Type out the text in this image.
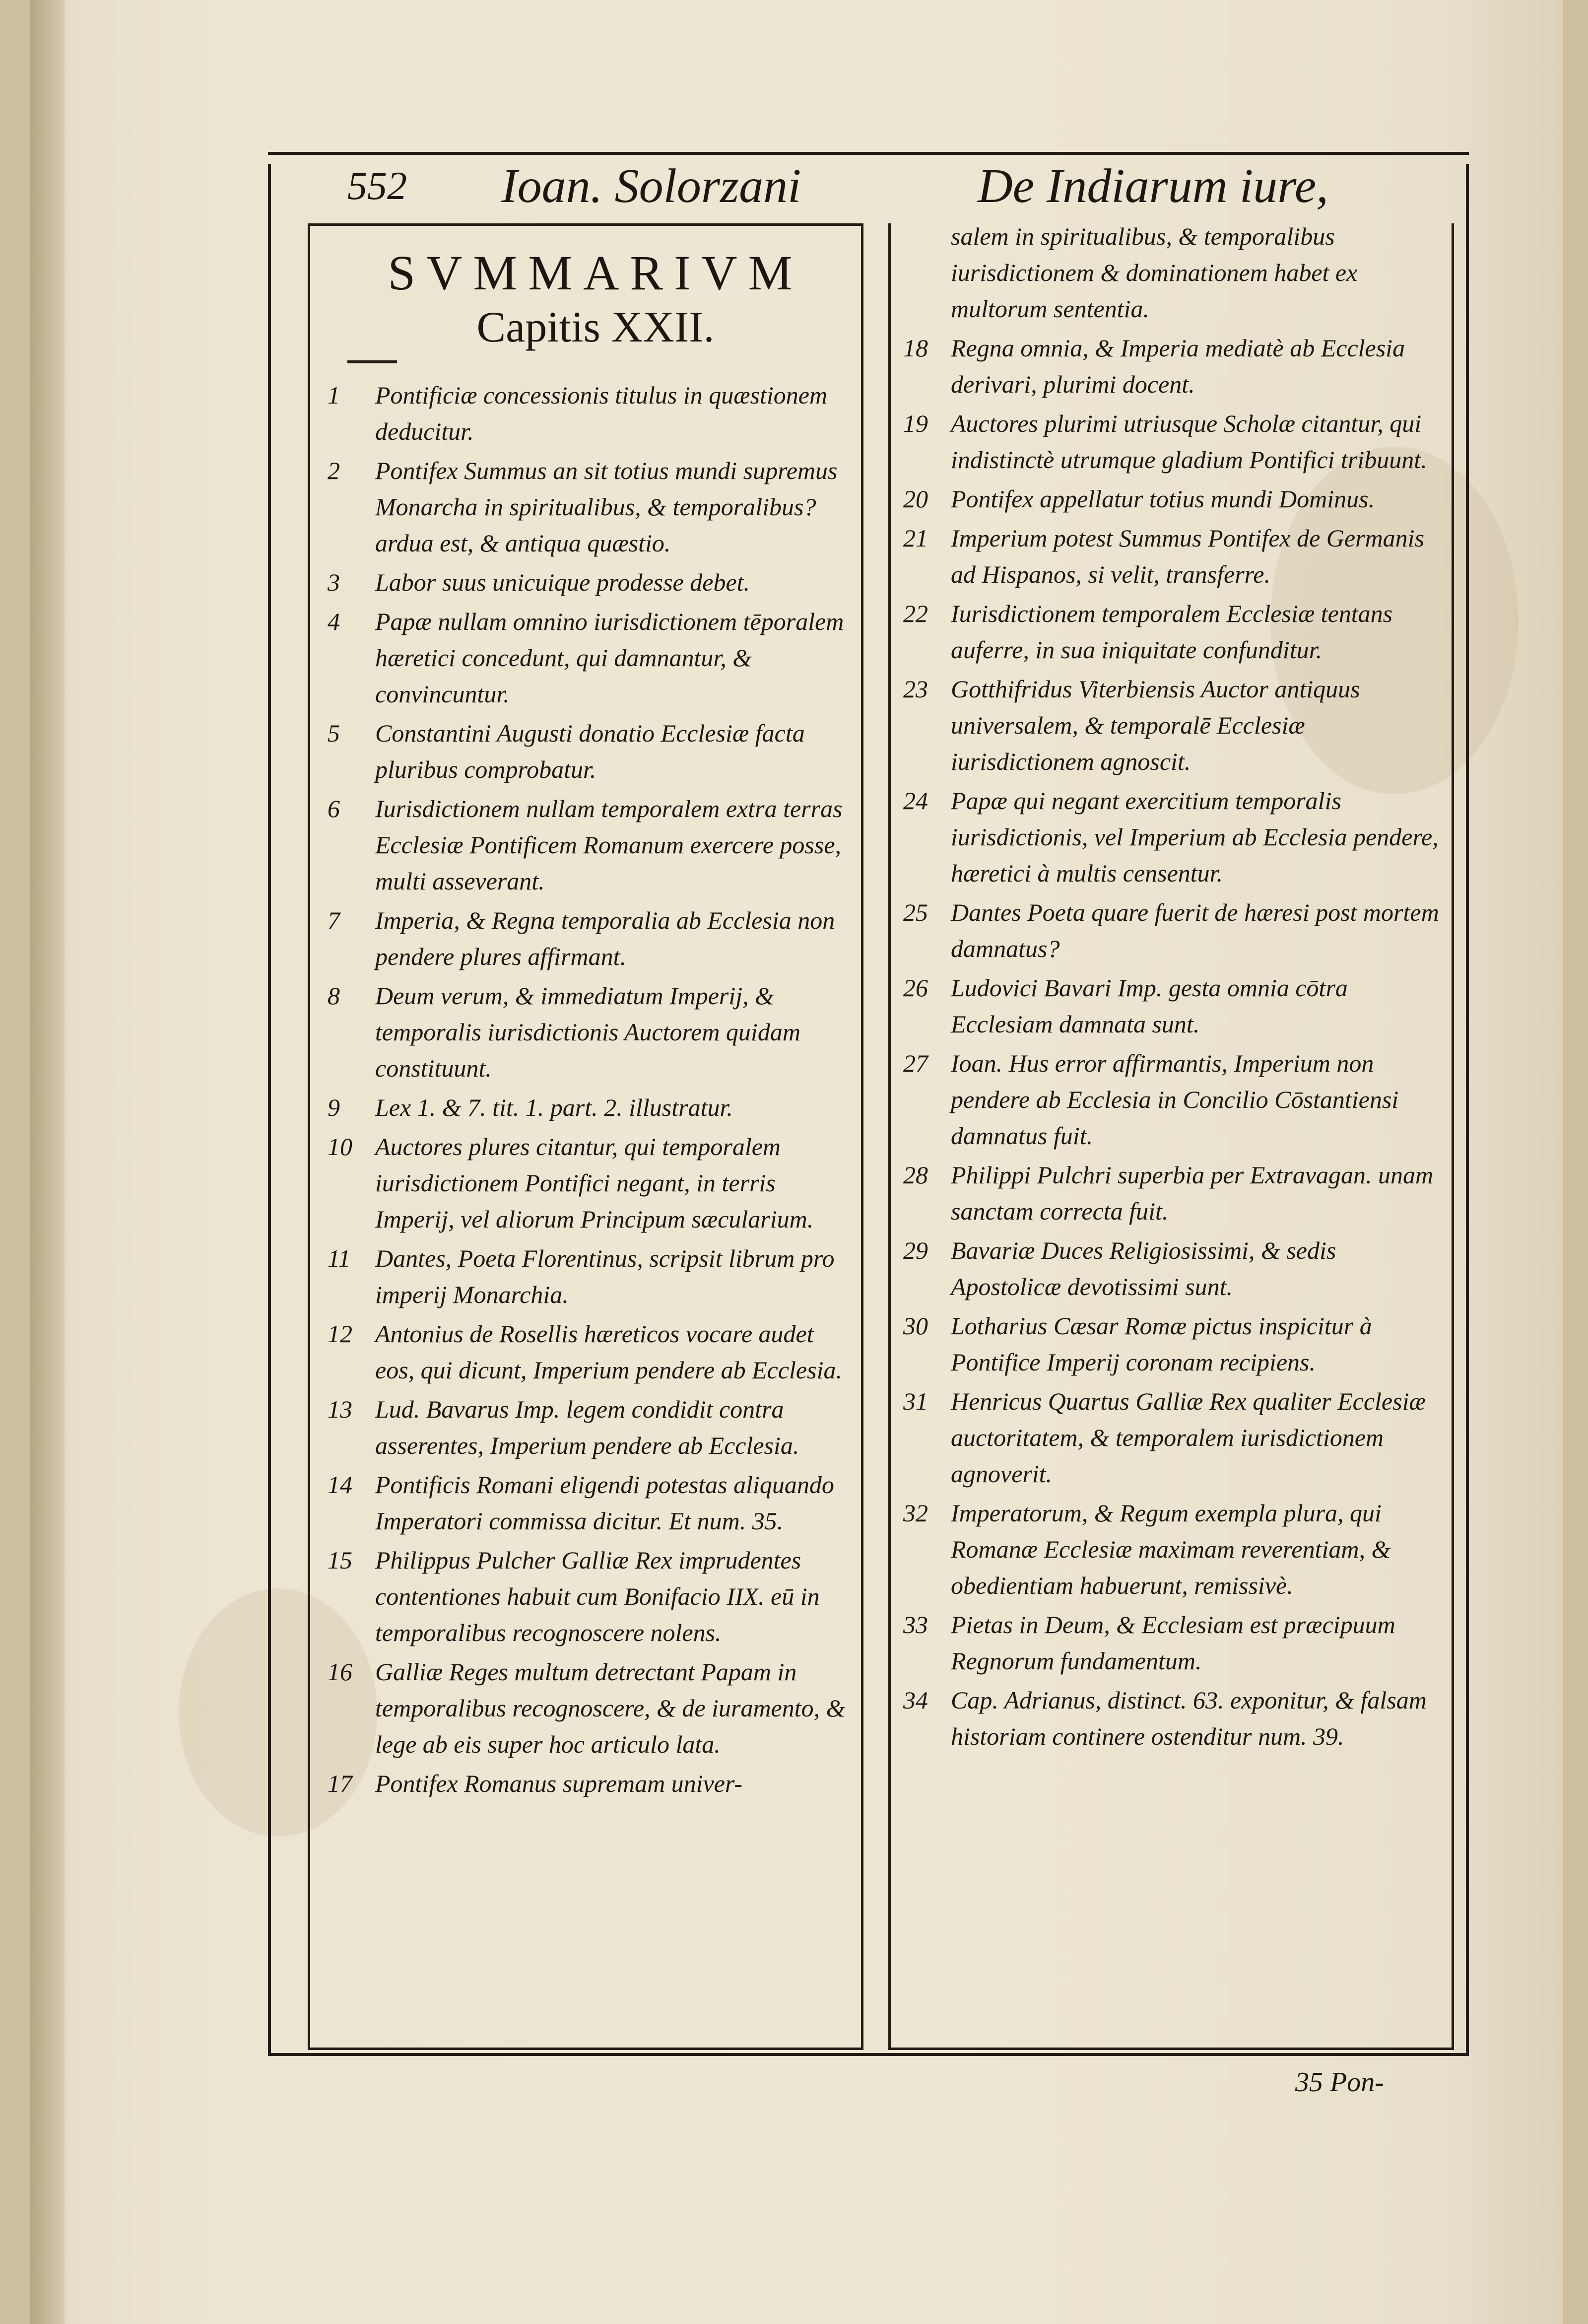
552 Ioan. Solorzani	De Indiarum iure,
SVMMARIVM
Capitis XXII.
1	Pontificiæ concessionis titulus in quæstionem deducitur.
2	Pontifex Summus an sit totius mundi supremus Monarcha in spiritualibus, & temporalibus? ardua est, & antiqua quæstio.
3	Labor suus unicuique prodesse debet.
4	Papæ nullam omnino iurisdictionem tēporalem hæretici concedunt, qui damnantur, & convincuntur.
5	Constantini Augusti donatio Ecclesiæ facta pluribus comprobatur.
6	Iurisdictionem nullam temporalem extra terras Ecclesiæ Pontificem Romanum exercere posse, multi asseverant.
7	Imperia, & Regna temporalia ab Ecclesia non pendere plures affirmant.
8	Deum verum, & immediatum Imperij, & temporalis iurisdictionis Auctorem quidam constituunt.
9	Lex 1. & 7. tit. 1. part. 2. illustratur.
10 Auctores plures citantur, qui temporalem iurisdictionem Pontifici negant, in terris Imperij, vel aliorum Principum sæcularium.
11 Dantes, Poeta Florentinus, scripsit librum pro imperij Monarchia.
12 Antonius de Rosellis hæreticos vocare audet eos, qui dicunt, Imperium pendere ab Ecclesia.
13 Lud. Bavarus Imp. legem condidit contra asserentes, Imperium pendere ab Ecclesia.
14 Pontificis Romani eligendi potestas aliquando Imperatori commissa dicitur. Et num. 35.
15 Philippus Pulcher Galliæ Rex imprudentes contentiones habuit cum Bonifacio IIX. eū in temporalibus recognoscere nolens.
16 Galliæ Reges multum detrectant Papam in temporalibus recognoscere, & de iuramento, & lege ab eis super hoc articulo lata.
17 Pontifex Romanus supremam univer-
salem in spiritualibus, & temporalibus iurisdictionem & dominationem habet ex multorum sententia.
18 Regna omnia, & Imperia mediatè ab Ecclesia derivari, plurimi docent.
19 Auctores plurimi utriusque Scholæ citantur, qui indistinctè utrumque gladium Pontifici tribuunt.
20 Pontifex appellatur totius mundi Dominus.
21 Imperium potest Summus Pontifex de Germanis ad Hispanos, si velit, transferre.
22 Iurisdictionem temporalem Ecclesiæ tentans auferre, in sua iniquitate confunditur.
23 Gotthifridus Viterbiensis Auctor antiquus universalem, & temporalē Ecclesiæ iurisdictionem agnoscit.
24 Papæ qui negant exercitium temporalis iurisdictionis, vel Imperium ab Ecclesia pendere, hæretici à multis censentur.
25 Dantes Poeta quare fuerit de hæresi post mortem damnatus?
26 Ludovici Bavari Imp. gesta omnia cōtra Ecclesiam damnata sunt.
27 Ioan. Hus error affirmantis, Imperium non pendere ab Ecclesia in Concilio Cōstantiensi damnatus fuit.
28 Philippi Pulchri superbia per Extravagan. unam sanctam correcta fuit.
29 Bavariæ Duces Religiosissimi, & sedis Apostolicæ devotissimi sunt.
30 Lotharius Cæsar Romæ pictus inspicitur à Pontifice Imperij coronam recipiens.
31 Henricus Quartus Galliæ Rex qualiter Ecclesiæ auctoritatem, & temporalem iurisdictionem agnoverit.
32 Imperatorum, & Regum exempla plura, qui Romanæ Ecclesiæ maximam reverentiam, & obedientiam habuerunt, remissivè.
33 Pietas in Deum, & Ecclesiam est præcipuum Regnorum fundamentum.
34 Cap. Adrianus, distinct. 63. exponitur, & falsam historiam continere ostenditur num. 39.
35 Pon-
